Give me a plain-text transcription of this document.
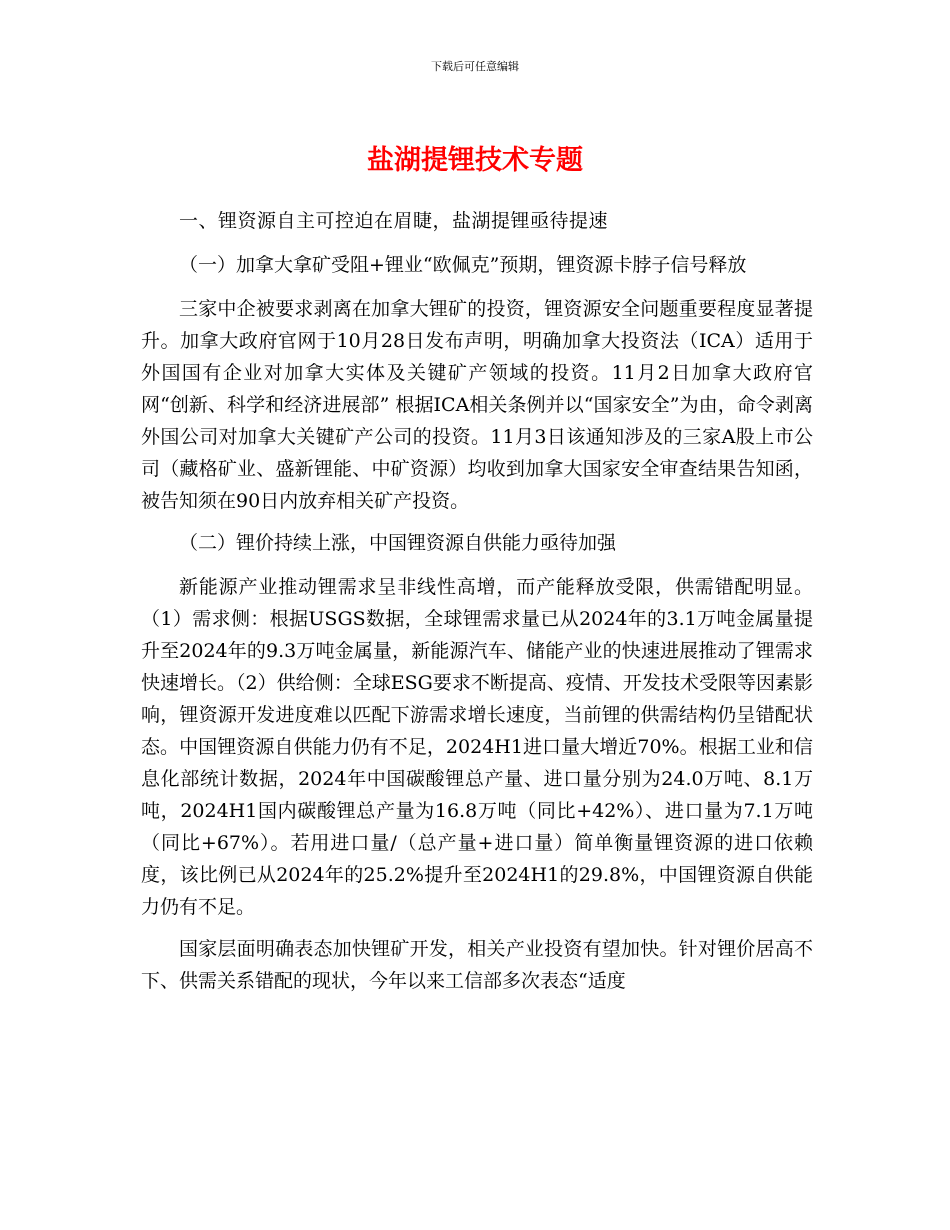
下载后可任意编辑
盐湖提锂技术专题

一、锂资源自主可控迫在眉睫，盐湖提锂亟待提速

（一）加拿大拿矿受阻+锂业“欧佩克”预期，锂资源卡脖子信号释放

三家中企被要求剥离在加拿大锂矿的投资，锂资源安全问题重要程度显著提升。加拿大政府官网于10月28日发布声明，明确加拿大投资法（ICA）适用于外国国有企业对加拿大实体及关键矿产领域的投资。11月2日加拿大政府官网“创新、科学和经济进展部” 根据ICA相关条例并以“国家安全”为由，命令剥离外国公司对加拿大关键矿产公司的投资。11月3日该通知涉及的三家A股上市公司（藏格矿业、盛新锂能、中矿资源）均收到加拿大国家安全审查结果告知函，被告知须在90日内放弃相关矿产投资。

（二）锂价持续上涨，中国锂资源自供能力亟待加强

新能源产业推动锂需求呈非线性高增，而产能释放受限，供需错配明显。（1）需求侧：根据USGS数据，全球锂需求量已从2024年的3.1万吨金属量提升至2024年的9.3万吨金属量，新能源汽车、储能产业的快速进展推动了锂需求快速增长。（2）供给侧：全球ESG要求不断提高、疫情、开发技术受限等因素影响，锂资源开发进度难以匹配下游需求增长速度，当前锂的供需结构仍呈错配状态。中国锂资源自供能力仍有不足，2024H1进口量大增近70%。根据工业和信息化部统计数据，2024年中国碳酸锂总产量、进口量分别为24.0万吨、8.1万吨，2024H1国内碳酸锂总产量为16.8万吨（同比+42%）、进口量为7.1万吨（同比+67%）。若用进口量/（总产量+进口量）简单衡量锂资源的进口依赖度，该比例已从2024年的25.2%提升至2024H1的29.8%，中国锂资源自供能力仍有不足。

国家层面明确表态加快锂矿开发，相关产业投资有望加快。针对锂价居高不下、供需关系错配的现状，今年以来工信部多次表态“适度
